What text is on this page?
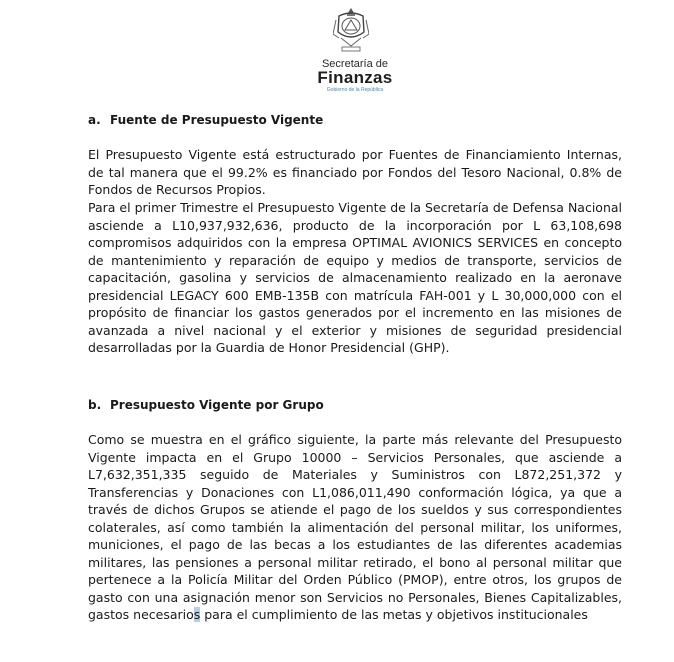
Secretaría de
Finanzas
Gobierno de la República
a. Fuente de Presupuesto Vigente

El Presupuesto Vigente está estructurado por Fuentes de Financiamiento Internas, de tal manera que el 99.2% es financiado por Fondos del Tesoro Nacional, 0.8% de Fondos de Recursos Propios.

Para el primer Trimestre el Presupuesto Vigente de la Secretaría de Defensa Nacional asciende a L10,937,932,636, producto de la incorporación por L 63,108,698 compromisos adquiridos con la empresa OPTIMAL AVIONICS SERVICES en concepto de mantenimiento y reparación de equipo y medios de transporte, servicios de capacitación, gasolina y servicios de almacenamiento realizado en la aeronave presidencial LEGACY 600 EMB-135B con matrícula FAH-001 y L 30,000,000 con el propósito de financiar los gastos generados por el incremento en las misiones de avanzada a nivel nacional y el exterior y misiones de seguridad presidencial desarrolladas por la Guardia de Honor Presidencial (GHP).

b. Presupuesto Vigente por Grupo

Como se muestra en el gráfico siguiente, la parte más relevante del Presupuesto Vigente impacta en el Grupo 10000 – Servicios Personales, que asciende a L7,632,351,335 seguido de Materiales y Suministros con L872,251,372 y Transferencias y Donaciones con L1,086,011,490 conformación lógica, ya que a través de dichos Grupos se atiende el pago de los sueldos y sus correspondientes colaterales, así como también la alimentación del personal militar, los uniformes, municiones, el pago de las becas a los estudiantes de las diferentes academias militares, las pensiones a personal militar retirado, el bono al personal militar que pertenece a la Policía Militar del Orden Público (PMOP), entre otros, los grupos de gasto con una asignación menor son Servicios no Personales, Bienes Capitalizables, gastos necesarios para el cumplimiento de las metas y objetivos institucionales
